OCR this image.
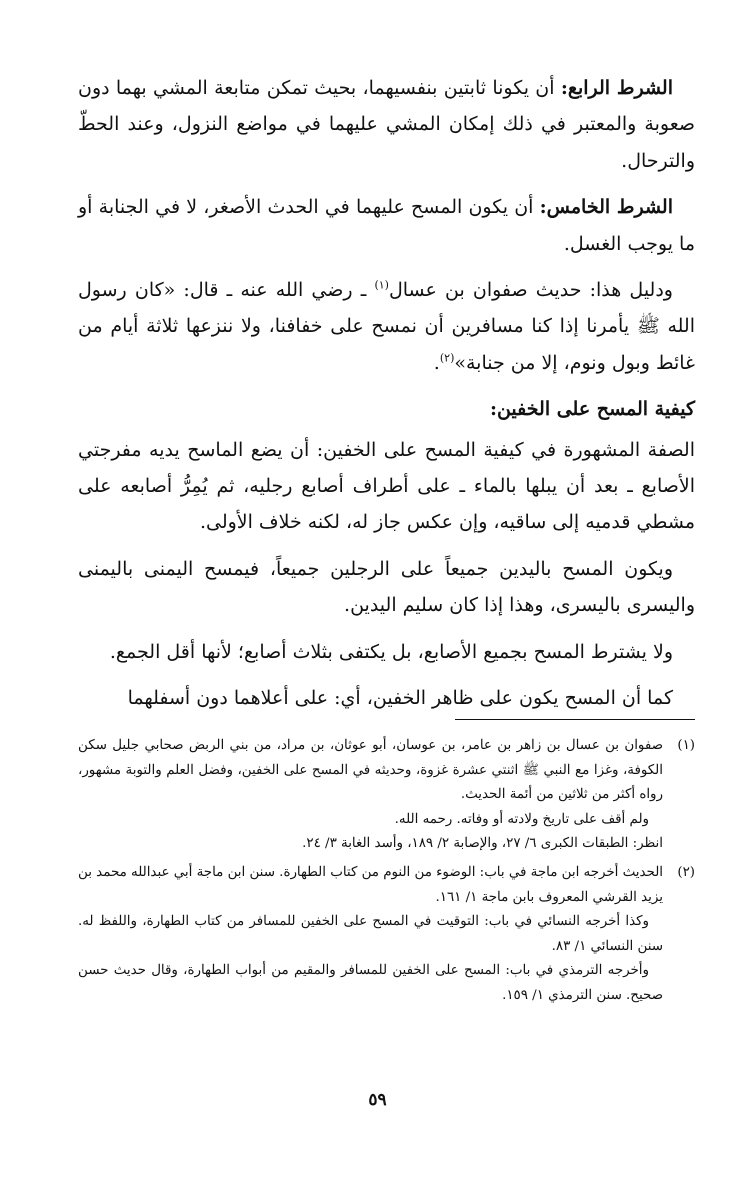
الشرط الرابع: أن يكونا ثابتين بنفسيهما، بحيث تمكن متابعة المشي بهما دون صعوبة والمعتبر في ذلك إمكان المشي عليهما في مواضع النزول، وعند الحطّ والترحال.

الشرط الخامس: أن يكون المسح عليهما في الحدث الأصغر، لا في الجنابة أو ما يوجب الغسل.

ودليل هذا: حديث صفوان بن عسال$^{(١)}$ ـ رضي الله عنه ـ قال: «كان رسول الله ﷺ يأمرنا إذا كنا مسافرين أن نمسح على خفافنا، ولا ننزعها ثلاثة أيام من غائط وبول ونوم، إلا من جنابة»$^{(٢)}$.

كيفية المسح على الخفين:

الصفة المشهورة في كيفية المسح على الخفين: أن يضع الماسح يديه مفرجتي الأصابع ـ بعد أن يبلها بالماء ـ على أطراف أصابع رجليه، ثم يُمِرُّ أصابعه على مشطي قدميه إلى ساقيه، وإن عكس جاز له، لكنه خلاف الأولى.

ويكون المسح باليدين جميعاً على الرجلين جميعاً، فيمسح اليمنى باليمنى واليسرى باليسرى، وهذا إذا كان سليم اليدين.

ولا يشترط المسح بجميع الأصابع، بل يكتفى بثلاث أصابع؛ لأنها أقل الجمع.

كما أن المسح يكون على ظاهر الخفين، أي: على أعلاهما دون أسفلهما

(١)

صفوان بن عسال بن زاهر بن عامر، بن عوسان، أبو عوثان، بن مراد، من بني الربض صحابي جليل سكن الكوفة، وغزا مع النبي ﷺ اثنتي عشرة غزوة، وحديثه في المسح على الخفين، وفضل العلم والتوبة مشهور، رواه أكثر من ثلاثين من أئمة الحديث.

ولم أقف على تاريخ ولادته أو وفاته. رحمه الله.

انظر: الطبقات الكبرى ٦/ ٢٧، والإصابة ٢/ ١٨٩، وأسد الغابة ٣/ ٢٤.

(٢)

الحديث أخرجه ابن ماجة في باب: الوضوء من النوم من كتاب الطهارة. سنن ابن ماجة أبي عبدالله محمد بن يزيد القرشي المعروف بابن ماجة ١/ ١٦١.

وكذا أخرجه النسائي في باب: التوقيت في المسح على الخفين للمسافر من كتاب الطهارة، واللفظ له. سنن النسائي ١/ ٨٣.

وأخرجه الترمذي في باب: المسح على الخفين للمسافر والمقيم من أبواب الطهارة، وقال حديث حسن صحيح. سنن الترمذي ١/ ١٥٩.

٥٩
